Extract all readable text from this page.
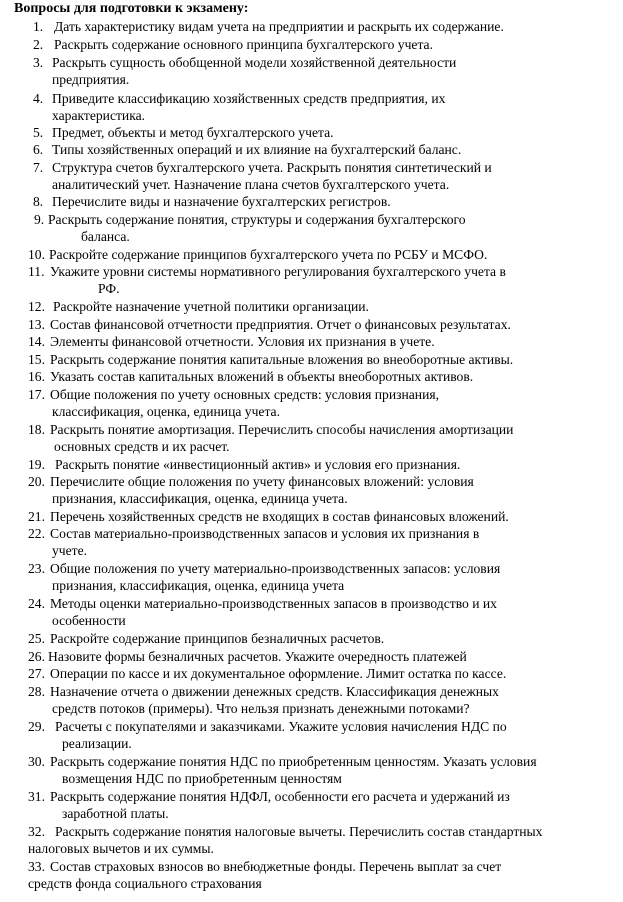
Вопросы для подготовки к экзамену:
1. Дать характеристику видам учета на предприятии и раскрыть их содержание.
2. Раскрыть содержание основного принципа бухгалтерского учета.
3. Раскрыть сущность обобщенной модели хозяйственной деятельности
предприятия.
4. Приведите классификацию хозяйственных средств предприятия, их
характеристика.
5. Предмет, объекты и метод бухгалтерского учета.
6. Типы хозяйственных операций и их влияние на бухгалтерский баланс.
7. Структура счетов бухгалтерского учета. Раскрыть понятия синтетический и
аналитический учет. Назначение плана счетов бухгалтерского учета.
8. Перечислите виды и назначение бухгалтерских регистров.
9. Раскрыть содержание понятия, структуры и содержания бухгалтерского
баланса.
10. Раскройте содержание принципов бухгалтерского учета по РСБУ и МСФО.
11. Укажите уровни системы нормативного регулирования бухгалтерского учета в
РФ.
12. Раскройте назначение учетной политики организации.
13. Состав финансовой отчетности предприятия. Отчет о финансовых результатах.
14. Элементы финансовой отчетности. Условия их признания в учете.
15. Раскрыть содержание понятия капитальные вложения во внеоборотные активы.
16. Указать состав капитальных вложений в объекты внеоборотных активов.
17. Общие положения по учету основных средств: условия признания,
классификация, оценка, единица учета.
18. Раскрыть понятие амортизация. Перечислить способы начисления амортизации
основных средств и их расчет.
19. Раскрыть понятие «инвестиционный актив» и условия его признания.
20. Перечислите общие положения по учету финансовых вложений: условия
признания, классификация, оценка, единица учета.
21. Перечень хозяйственных средств не входящих в состав финансовых вложений.
22. Состав материально-производственных запасов и условия их признания в
учете.
23. Общие положения по учету материально-производственных запасов: условия
признания, классификация, оценка, единица учета
24. Методы оценки материально-производственных запасов в производство и их
особенности
25. Раскройте содержание принципов безналичных расчетов.
26. Назовите формы безналичных расчетов. Укажите очередность платежей
27. Операции по кассе и их документальное оформление. Лимит остатка по кассе.
28. Назначение отчета о движении денежных средств. Классификация денежных
средств потоков (примеры). Что нельзя признать денежными потоками?
29. Расчеты с покупателями и заказчиками. Укажите условия начисления НДС по
реализации.
30. Раскрыть содержание понятия НДС по приобретенным ценностям. Указать условия
возмещения НДС по приобретенным ценностям
31. Раскрыть содержание понятия НДФЛ, особенности его расчета и удержаний из
заработной платы.
32. Раскрыть содержание понятия налоговые вычеты. Перечислить состав стандартных
налоговых вычетов и их суммы.
33. Состав страховых взносов во внебюджетные фонды. Перечень выплат за счет
средств фонда социального страхования
